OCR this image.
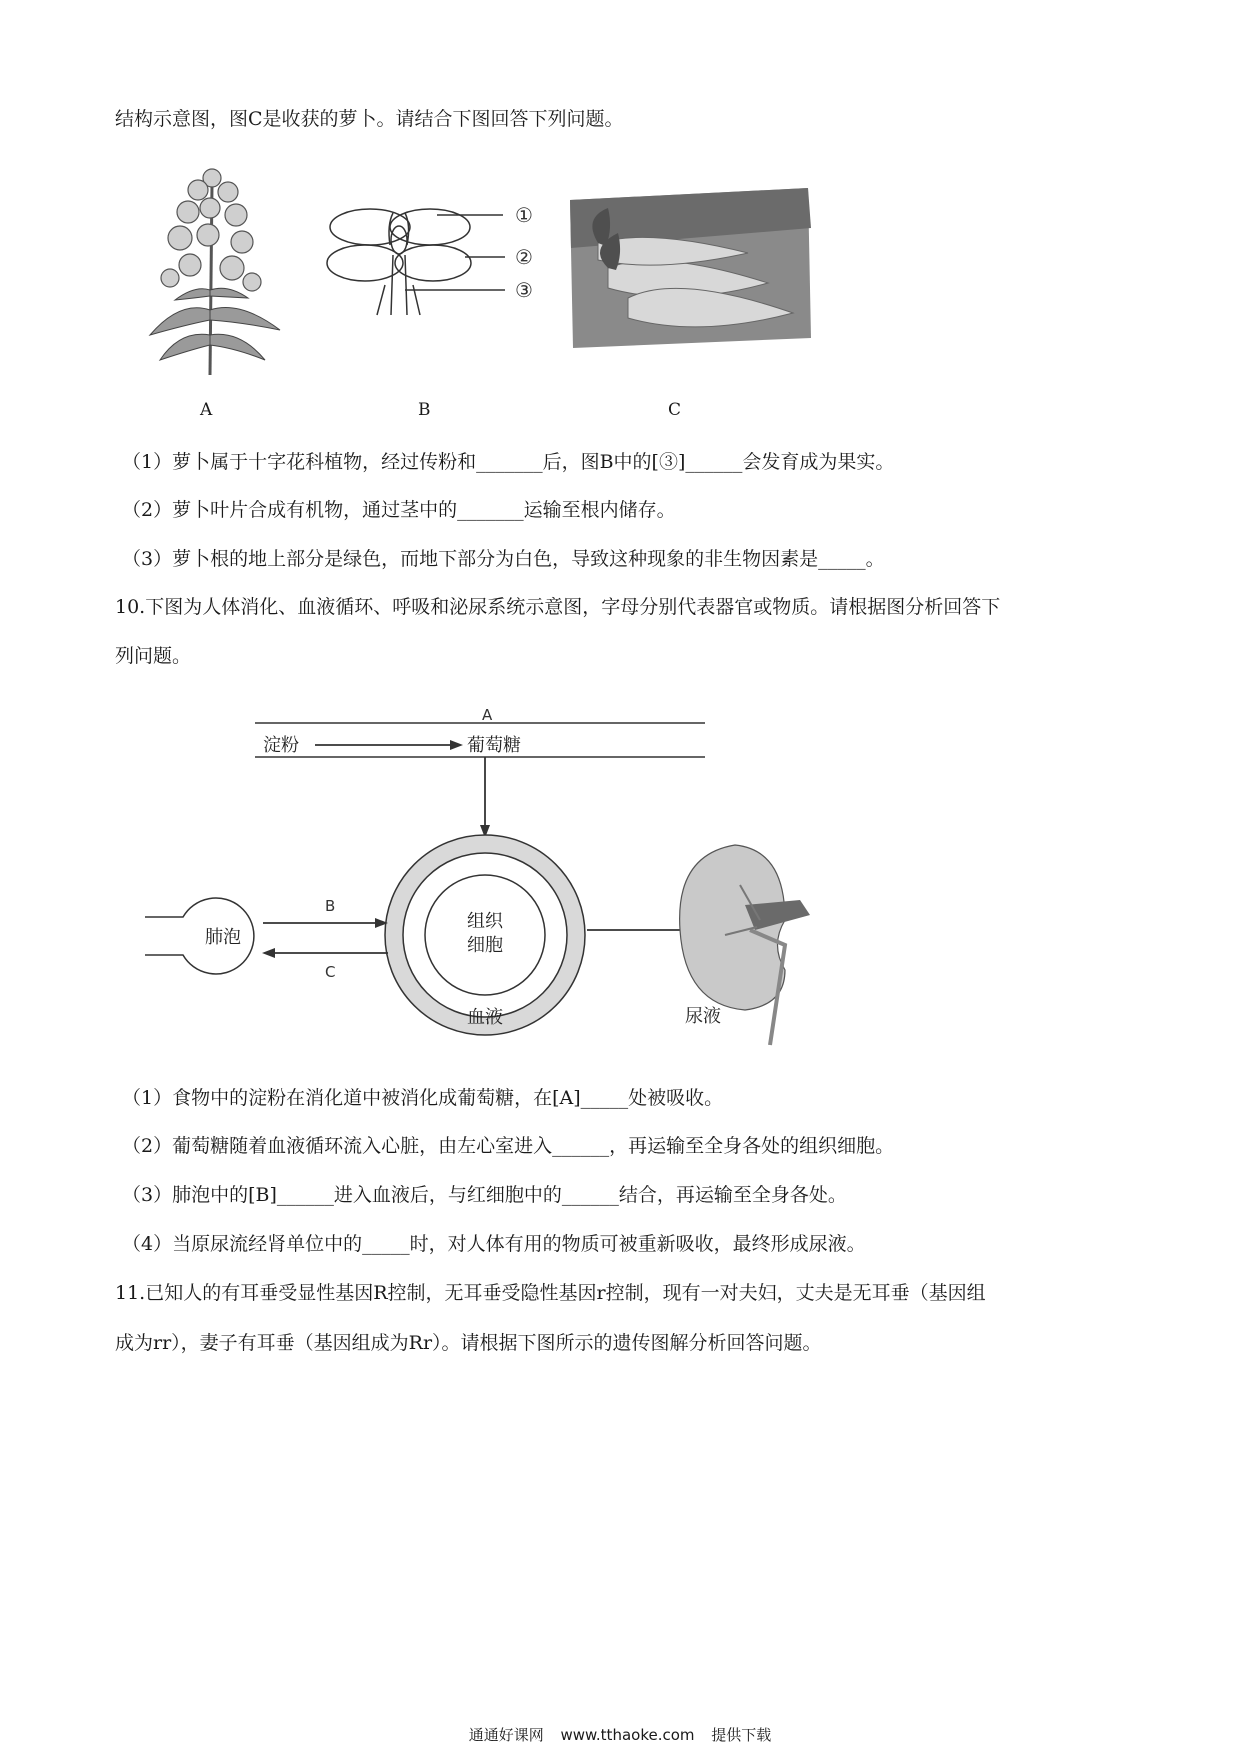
结构示意图，图C是收获的萝卜。请结合下图回答下列问题。
①
②
③
A	B	C
（1）萝卜属于十字花科植物，经过传粉和_______后，图B中的[③]______会发育成为果实。
（2）萝卜叶片合成有机物，通过茎中的_______运输至根内储存。
（3）萝卜根的地上部分是绿色，而地下部分为白色，导致这种现象的非生物因素是_____。
10.下图为人体消化、血液循环、呼吸和泌尿系统示意图，字母分别代表器官或物质。请根据图分析回答下
列问题。
A
淀粉	葡萄糖
组织
细胞
血液
肺泡
B
C
尿液
（1）食物中的淀粉在消化道中被消化成葡萄糖，在[A]_____处被吸收。
（2）葡萄糖随着血液循环流入心脏，由左心室进入______，再运输至全身各处的组织细胞。
（3）肺泡中的[B]______进入血液后，与红细胞中的______结合，再运输至全身各处。
（4）当原尿流经肾单位中的_____时，对人体有用的物质可被重新吸收，最终形成尿液。
11.已知人的有耳垂受显性基因R控制，无耳垂受隐性基因r控制，现有一对夫妇，丈夫是无耳垂（基因组
成为rr），妻子有耳垂（基因组成为Rr）。请根据下图所示的遗传图解分析回答问题。
通通好课网 www.tthaoke.com 提供下载
